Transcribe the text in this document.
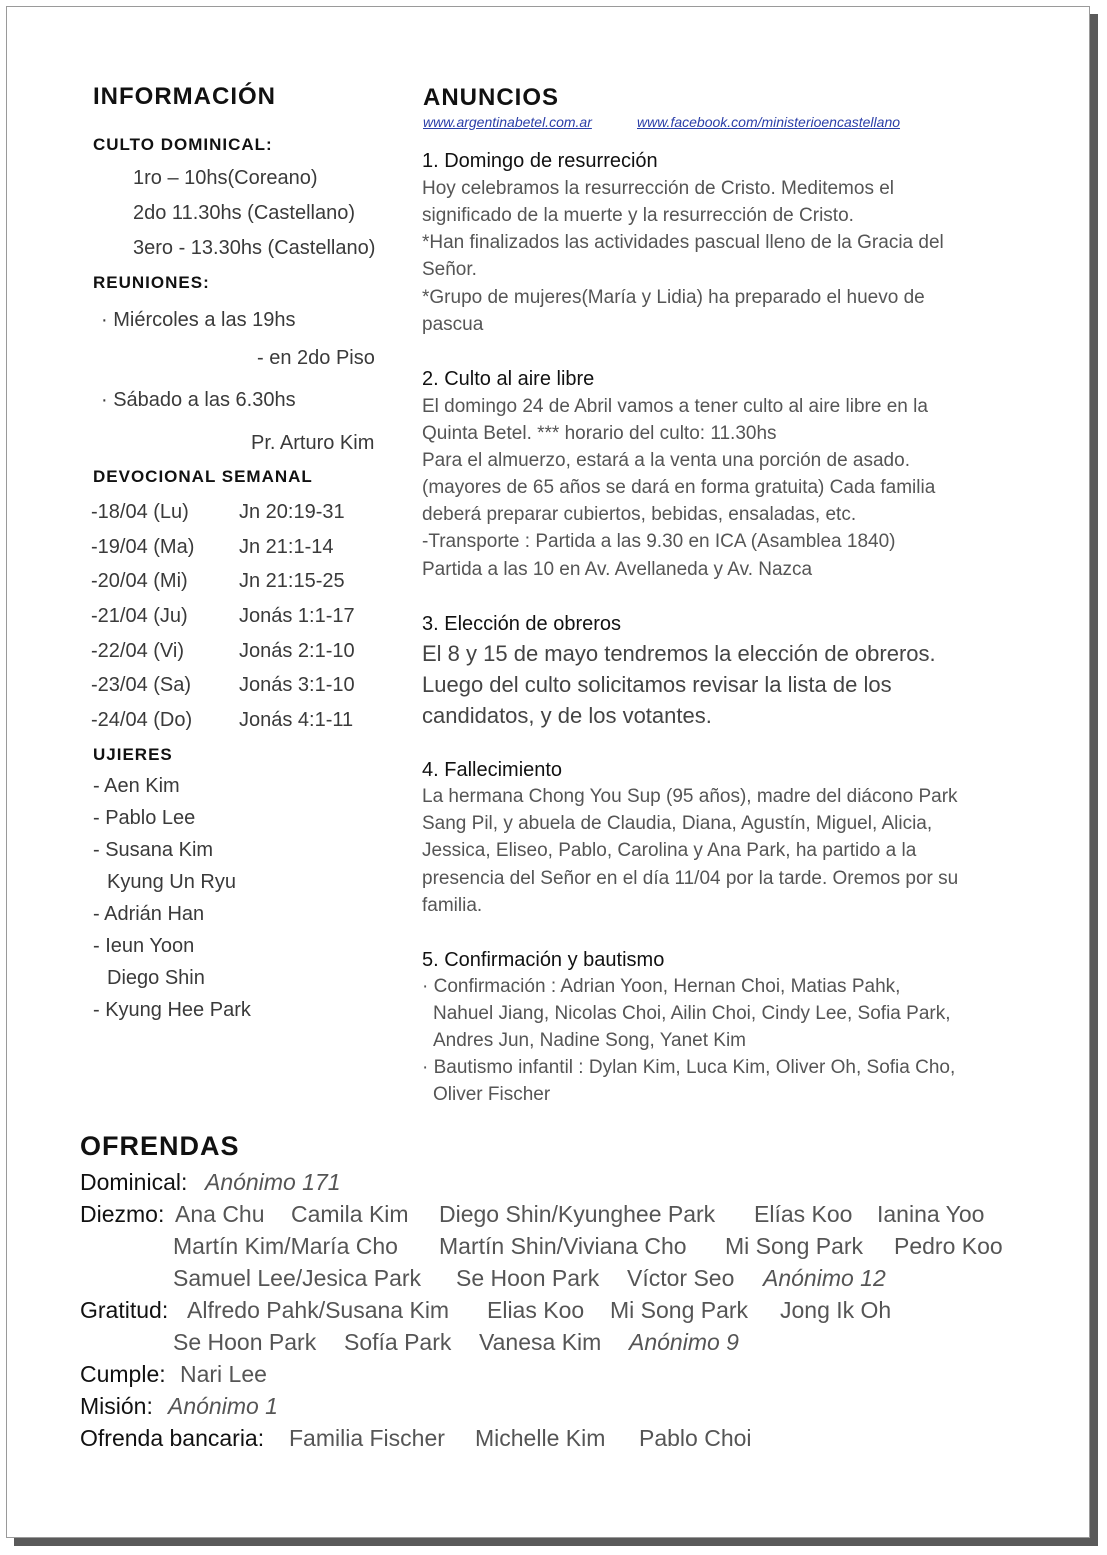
INFORMACIÓN
CULTO DOMINICAL:
1ro – 10hs(Coreano)
2do 11.30hs (Castellano)
3ero - 13.30hs (Castellano)
REUNIONES:
· Miércoles a las 19hs
- en 2do Piso
· Sábado a las 6.30hs
Pr. Arturo Kim
DEVOCIONAL SEMANAL
-18/04 (Lu)	Jn 20:19-31
-19/04 (Ma) Jn 21:1-14
-20/04 (Mi)	Jn 21:15-25
-21/04 (Ju)	Jonás 1:1-17
-22/04 (Vi)	Jonás 2:1-10
-23/04 (Sa) Jonás 3:1-10
-24/04 (Do) Jonás 4:1-11
UJIERES
- Aen Kim
- Pablo Lee
- Susana Kim
Kyung Un Ryu
- Adrián Han
- Ieun Yoon
Diego Shin
- Kyung Hee Park
ANUNCIOS
www.argentinabetel.com.ar	www.facebook.com/ministerioencastellano
1. Domingo de resurreción
Hoy celebramos la resurrección de Cristo. Meditemos el
significado de la muerte y la resurrección de Cristo.
*Han finalizados las actividades pascual lleno de la Gracia del
Señor.
*Grupo de mujeres(María y Lidia) ha preparado el huevo de
pascua
2. Culto al aire libre
El domingo 24 de Abril vamos a tener culto al aire libre en la
Quinta Betel. *** horario del culto: 11.30hs
Para el almuerzo, estará a la venta una porción de asado.
(mayores de 65 años se dará en forma gratuita) Cada familia
deberá preparar cubiertos, bebidas, ensaladas, etc.
-Transporte : Partida a las 9.30 en ICA (Asamblea 1840)
Partida a las 10 en Av. Avellaneda y Av. Nazca
3. Elección de obreros
El 8 y 15 de mayo tendremos la elección de obreros.
Luego del culto solicitamos revisar la lista de los
candidatos, y de los votantes.
4. Fallecimiento
La hermana Chong You Sup (95 años), madre del diácono Park
Sang Pil, y abuela de Claudia, Diana, Agustín, Miguel, Alicia,
Jessica, Eliseo, Pablo, Carolina y Ana Park, ha partido a la
presencia del Señor en el día 11/04 por la tarde. Oremos por su
familia.
5. Confirmación y bautismo
· Confirmación : Adrian Yoon, Hernan Choi, Matias Pahk,
Nahuel Jiang, Nicolas Choi, Ailin Choi, Cindy Lee, Sofia Park,
Andres Jun, Nadine Song, Yanet Kim
· Bautismo infantil : Dylan Kim, Luca Kim, Oliver Oh, Sofia Cho,
Oliver Fischer
OFRENDAS
Dominical: Anónimo 171
Diezmo: Ana Chu Camila Kim Diego Shin/Kyunghee Park Elías Koo Ianina Yoo
Martín Kim/María Cho Martín Shin/Viviana Cho Mi Song Park Pedro Koo
Samuel Lee/Jesica Park Se Hoon Park Víctor Seo Anónimo 12
Gratitud: Alfredo Pahk/Susana Kim Elias Koo Mi Song Park Jong Ik Oh
Se Hoon Park Sofía Park Vanesa Kim Anónimo 9
Cumple: Nari Lee
Misión: Anónimo 1
Ofrenda bancaria: Familia Fischer Michelle Kim Pablo Choi
